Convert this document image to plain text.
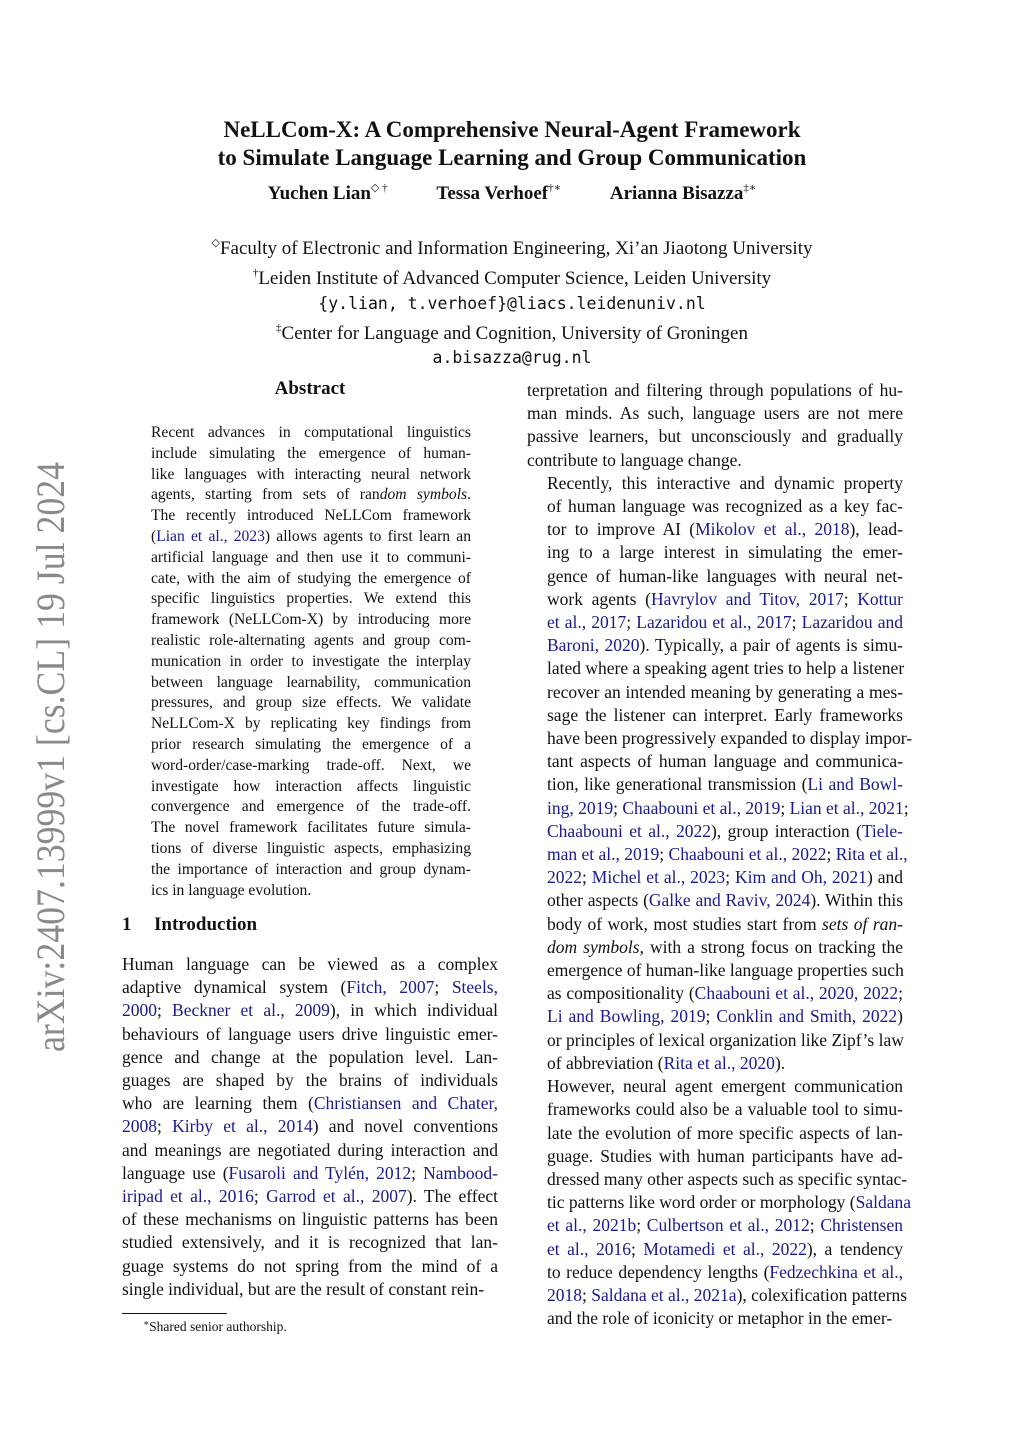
arXiv:2407.13999v1 [cs.CL] 19 Jul 2024
NeLLCom-X: A Comprehensive Neural-Agent Framework
to Simulate Language Learning and Group Communication
Yuchen Lian◇ †	Tessa Verhoef†∗	Arianna Bisazza‡∗
◇Faculty of Electronic and Information Engineering, Xi’an Jiaotong University
†Leiden Institute of Advanced Computer Science, Leiden University
{y.lian, t.verhoef}@liacs.leidenuniv.nl
‡Center for Language and Cognition, University of Groningen
a.bisazza@rug.nl
Abstract
Recent advances in computational linguistics
include simulating the emergence of human-
like languages with interacting neural network
agents, starting from sets of random symbols.
The recently introduced NeLLCom framework
(Lian et al., 2023) allows agents to first learn an
artificial language and then use it to communi-
cate, with the aim of studying the emergence of
specific linguistics properties. We extend this
framework (NeLLCom-X) by introducing more
realistic role-alternating agents and group com-
munication in order to investigate the interplay
between language learnability, communication
pressures, and group size effects. We validate
NeLLCom-X by replicating key findings from
prior research simulating the emergence of a
word-order/case-marking trade-off. Next, we
investigate how interaction affects linguistic
convergence and emergence of the trade-off.
The novel framework facilitates future simula-
tions of diverse linguistic aspects, emphasizing
the importance of interaction and group dynam-
ics in language evolution.
1 Introduction
Human language can be viewed as a complex
adaptive dynamical system (Fitch, 2007; Steels,
2000; Beckner et al., 2009), in which individual
behaviours of language users drive linguistic emer-
gence and change at the population level. Lan-
guages are shaped by the brains of individuals
who are learning them (Christiansen and Chater,
2008; Kirby et al., 2014) and novel conventions
and meanings are negotiated during interaction and
language use (Fusaroli and Tylén, 2012; Nambood-
iripad et al., 2016; Garrod et al., 2007). The effect
of these mechanisms on linguistic patterns has been
studied extensively, and it is recognized that lan-
guage systems do not spring from the mind of a
single individual, but are the result of constant rein-
terpretation and filtering through populations of hu-
man minds. As such, language users are not mere
passive learners, but unconsciously and gradually
contribute to language change.
Recently, this interactive and dynamic property
of human language was recognized as a key fac-
tor to improve AI (Mikolov et al., 2018), lead-
ing to a large interest in simulating the emer-
gence of human-like languages with neural net-
work agents (Havrylov and Titov, 2017; Kottur
et al., 2017; Lazaridou et al., 2017; Lazaridou and
Baroni, 2020). Typically, a pair of agents is simu-
lated where a speaking agent tries to help a listener
recover an intended meaning by generating a mes-
sage the listener can interpret. Early frameworks
have been progressively expanded to display impor-
tant aspects of human language and communica-
tion, like generational transmission (Li and Bowl-
ing, 2019; Chaabouni et al., 2019; Lian et al., 2021;
Chaabouni et al., 2022), group interaction (Tiele-
man et al., 2019; Chaabouni et al., 2022; Rita et al.,
2022; Michel et al., 2023; Kim and Oh, 2021) and
other aspects (Galke and Raviv, 2024). Within this
body of work, most studies start from sets of ran-
dom symbols, with a strong focus on tracking the
emergence of human-like language properties such
as compositionality (Chaabouni et al., 2020, 2022;
Li and Bowling, 2019; Conklin and Smith, 2022)
or principles of lexical organization like Zipf’s law
of abbreviation (Rita et al., 2020).
However, neural agent emergent communication
frameworks could also be a valuable tool to simu-
late the evolution of more specific aspects of lan-
guage. Studies with human participants have ad-
dressed many other aspects such as specific syntac-
tic patterns like word order or morphology (Saldana
et al., 2021b; Culbertson et al., 2012; Christensen
et al., 2016; Motamedi et al., 2022), a tendency
to reduce dependency lengths (Fedzechkina et al.,
2018; Saldana et al., 2021a), colexification patterns
and the role of iconicity or metaphor in the emer-
∗Shared senior authorship.
